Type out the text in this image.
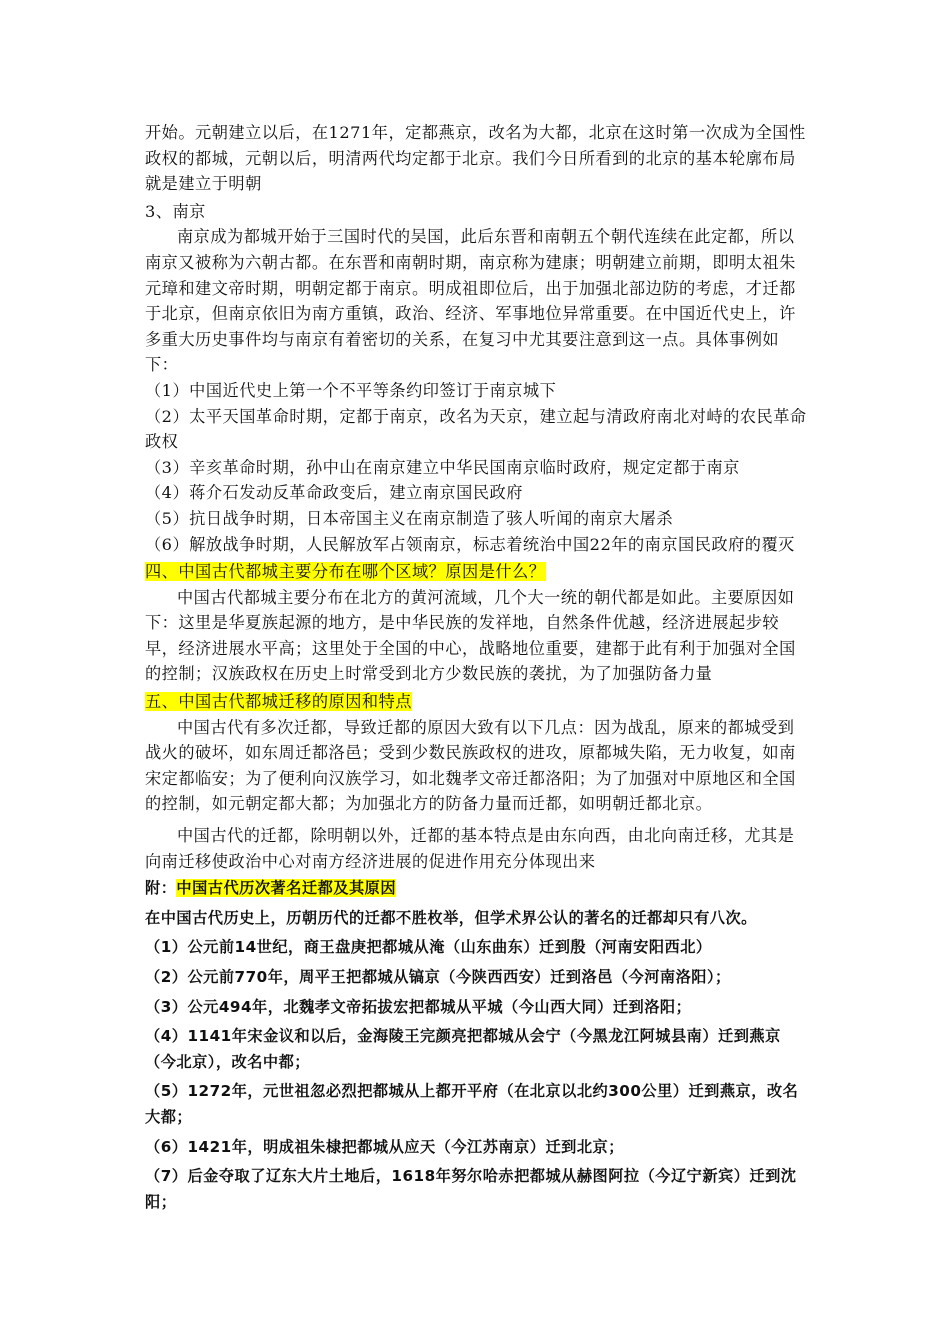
开始。元朝建立以后，在1271年，定都燕京，改名为大都，北京在这时第一次成为全国性政权的都城，元朝以后，明清两代均定都于北京。我们今日所看到的北京的基本轮廓布局就是建立于明朝

3、南京

南京成为都城开始于三国时代的吴国，此后东晋和南朝五个朝代连续在此定都，所以南京又被称为六朝古都。在东晋和南朝时期，南京称为建康；明朝建立前期，即明太祖朱元璋和建文帝时期，明朝定都于南京。明成祖即位后，出于加强北部边防的考虑，才迁都于北京，但南京依旧为南方重镇，政治、经济、军事地位异常重要。在中国近代史上，许多重大历史事件均与南京有着密切的关系，在复习中尤其要注意到这一点。具体事例如下：

（1）中国近代史上第一个不平等条约印签订于南京城下

（2）太平天国革命时期，定都于南京，改名为天京，建立起与清政府南北对峙的农民革命政权

（3）辛亥革命时期，孙中山在南京建立中华民国南京临时政府，规定定都于南京

（4）蒋介石发动反革命政变后，建立南京国民政府

（5）抗日战争时期，日本帝国主义在南京制造了骇人听闻的南京大屠杀

（6）解放战争时期，人民解放军占领南京，标志着统治中国22年的南京国民政府的覆灭

四、中国古代都城主要分布在哪个区域？原因是什么？

中国古代都城主要分布在北方的黄河流域，几个大一统的朝代都是如此。主要原因如下：这里是华夏族起源的地方，是中华民族的发祥地，自然条件优越，经济进展起步较早，经济进展水平高；这里处于全国的中心，战略地位重要，建都于此有利于加强对全国的控制；汉族政权在历史上时常受到北方少数民族的袭扰，为了加强防备力量

五、中国古代都城迁移的原因和特点

中国古代有多次迁都，导致迁都的原因大致有以下几点：因为战乱，原来的都城受到战火的破坏，如东周迁都洛邑；受到少数民族政权的进攻，原都城失陷，无力收复，如南宋定都临安；为了便利向汉族学习，如北魏孝文帝迁都洛阳；为了加强对中原地区和全国的控制，如元朝定都大都；为加强北方的防备力量而迁都，如明朝迁都北京。

中国古代的迁都，除明朝以外，迁都的基本特点是由东向西，由北向南迁移，尤其是向南迁移使政治中心对南方经济进展的促进作用充分体现出来

附：中国古代历次著名迁都及其原因

在中国古代历史上，历朝历代的迁都不胜枚举，但学术界公认的著名的迁都却只有八次。

（1）公元前14世纪，商王盘庚把都城从淹（山东曲东）迁到殷（河南安阳西北）

（2）公元前770年，周平王把都城从镐京（今陕西西安）迁到洛邑（今河南洛阳）；

（3）公元494年，北魏孝文帝拓拔宏把都城从平城（今山西大同）迁到洛阳；

（4）1141年宋金议和以后，金海陵王完颜亮把都城从会宁（今黑龙江阿城县南）迁到燕京（今北京），改名中都；

（5）1272年，元世祖忽必烈把都城从上都开平府（在北京以北约300公里）迁到燕京，改名大都；

（6）1421年，明成祖朱棣把都城从应天（今江苏南京）迁到北京；

（7）后金夺取了辽东大片土地后，1618年努尔哈赤把都城从赫图阿拉（今辽宁新宾）迁到沈阳；
